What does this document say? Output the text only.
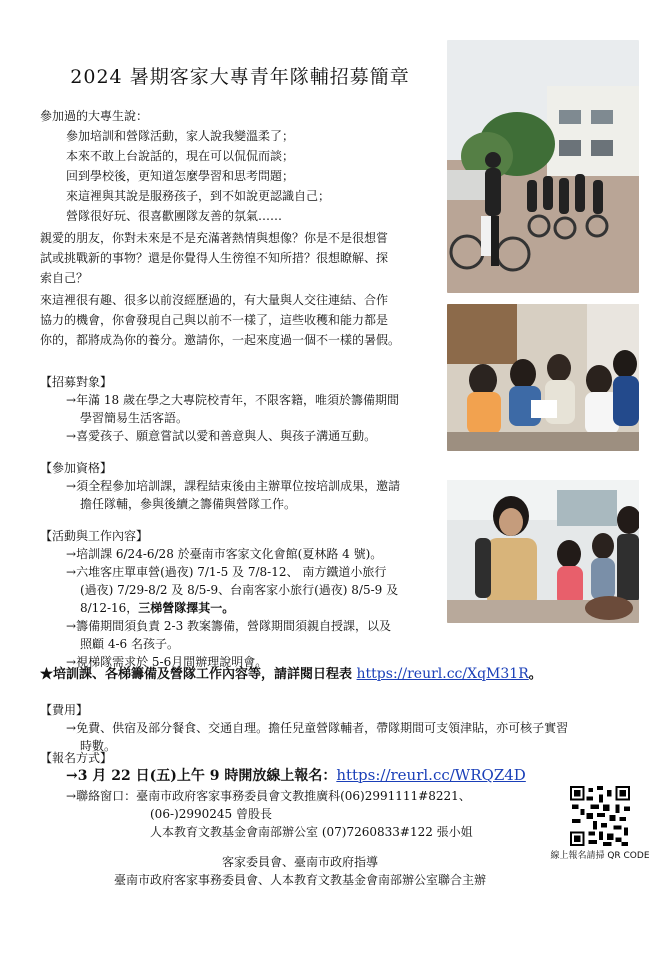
2024 暑期客家大專青年隊輔招募簡章
參加過的大專生說：
參加培訓和營隊活動，家人說我變溫柔了；
本來不敢上台說話的，現在可以侃侃而談；
回到學校後，更知道怎麼學習和思考問題；
來這裡與其說是服務孩子，到不如說更認識自己；
營隊很好玩、很喜歡團隊友善的氛氣……
親愛的朋友，你對未來是不是充滿著熱情與想像？你是不是很想嘗
試或挑戰新的事物？還是你覺得人生徬徨不知所措？很想瞭解、探
索自己？
來這裡很有趣、很多以前沒經歷過的，有大量與人交往連結、合作
協力的機會，你會發現自己與以前不一樣了，這些收穫和能力都是
你的，都將成為你的養分。邀請你，一起來度過一個不一樣的暑假。
【招募對象】
→年滿 18 歲在學之大專院校青年，不限客籍，唯須於籌備期間
學習簡易生活客語。
→喜愛孩子、願意嘗試以愛和善意與人、與孩子溝通互動。
【參加資格】
→須全程參加培訓課，課程結束後由主辦單位按培訓成果，邀請
擔任隊輔，參與後續之籌備與營隊工作。
【活動與工作內容】
→培訓課 6/24-6/28 於臺南市客家文化會館(夏林路 4 號)。
→六堆客庄單車營(過夜) 7/1-5 及 7/8-12、 南方鐵道小旅行
(過夜) 7/29-8/2 及 8/5-9、台南客家小旅行(過夜) 8/5-9 及
8/12-16，三梯營隊擇其一。
→籌備期間須負責 2-3 教案籌備，營隊期間須親自授課，以及
照顧 4-6 名孩子。
→視梯隊需求於 5-6月間辦理說明會。
★培訓課、各梯籌備及營隊工作內容等，請詳閱日程表 https://reurl.cc/XqM31R。
【費用】
→免費、供宿及部分餐食、交通自理。擔任兒童營隊輔者，帶隊期間可支領津貼，亦可核子實習
時數。
【報名方式】
→3 月 22 日(五)上午 9 時開放線上報名：https://reurl.cc/WRQZ4D
→聯絡窗口：臺南市政府客家事務委員會文教推廣科(06)2991111#8221、
(06-)2990245 曾股長
人本教育文教基金會南部辦公室 (07)7260833#122 張小姐
客家委員會、臺南市政府指導
臺南市政府客家事務委員會、人本教育文教基金會南部辦公室聯合主辦
線上報名請掃 QR CODE
